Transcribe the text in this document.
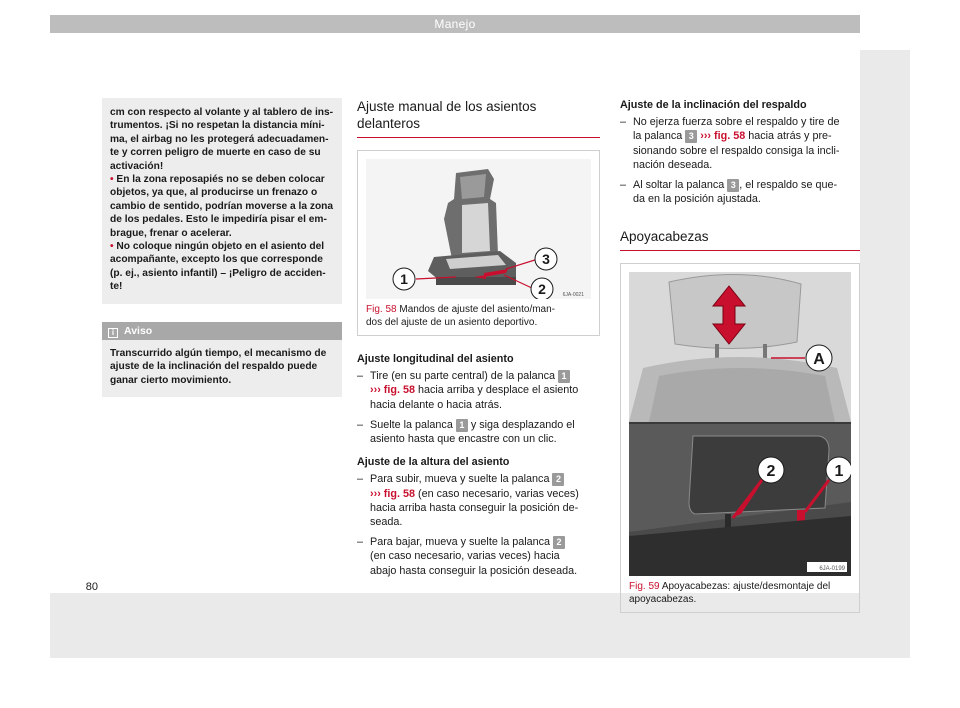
80
Manejo

cm con respecto al volante y al tablero de ins-

trumentos. ¡Si no respetan la distancia míni-

ma, el airbag no les protegerá adecuadamen-

te y corren peligro de muerte en caso de su

activación!

• En la zona reposapiés no se deben colocar

objetos, ya que, al producirse un frenazo o

cambio de sentido, podrían moverse a la zona

de los pedales. Esto le impediría pisar el em-

brague, frenar o acelerar.

• No coloque ningún objeto en el asiento del

acompañante, excepto los que corresponde

(p. ej., asiento infantil) – ¡Peligro de acciden-

te!

i Aviso
Transcurrido algún tiempo, el mecanismo de
ajuste de la inclinación del respaldo puede
ganar cierto movimiento.
Ajuste manual de los asientos
delanteros
1
2
3
6JA-0021
Fig. 58 Mandos de ajuste del asiento/man-
dos del ajuste de un asiento deportivo.
Ajuste longitudinal del asiento
– Tire (en su parte central) de la palanca 1
››› fig. 58 hacia arriba y desplace el asiento
hacia delante o hacia atrás.
– Suelte la palanca 1 y siga desplazando el
asiento hasta que encastre con un clic.
Ajuste de la altura del asiento
– Para subir, mueva y suelte la palanca 2
››› fig. 58 (en caso necesario, varias veces)
hacia arriba hasta conseguir la posición de-
seada.
– Para bajar, mueva y suelte la palanca 2
(en caso necesario, varias veces) hacia
abajo hasta conseguir la posición deseada.
Ajuste de la inclinación del respaldo
– No ejerza fuerza sobre el respaldo y tire de
la palanca 3 ››› fig. 58 hacia atrás y pre-
sionando sobre el respaldo consiga la incli-
nación deseada.
– Al soltar la palanca 3 , el respaldo se que-
da en la posición ajustada.
Apoyacabezas
A
2	1
6JA-0199
Fig. 59 Apoyacabezas: ajuste/desmontaje del
apoyacabezas.
